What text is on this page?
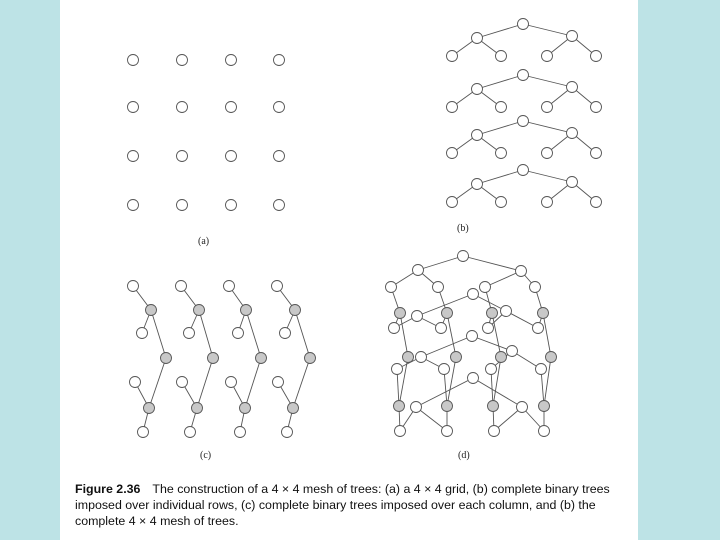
(a)
(b)
(c)	(d)

Figure 2.36 The construction of a 4 × 4 mesh of trees: (a) a 4 × 4 grid, (b) complete binary trees imposed over individual rows, (c) complete binary trees imposed over each column, and (b) the complete 4 × 4 mesh of trees.
